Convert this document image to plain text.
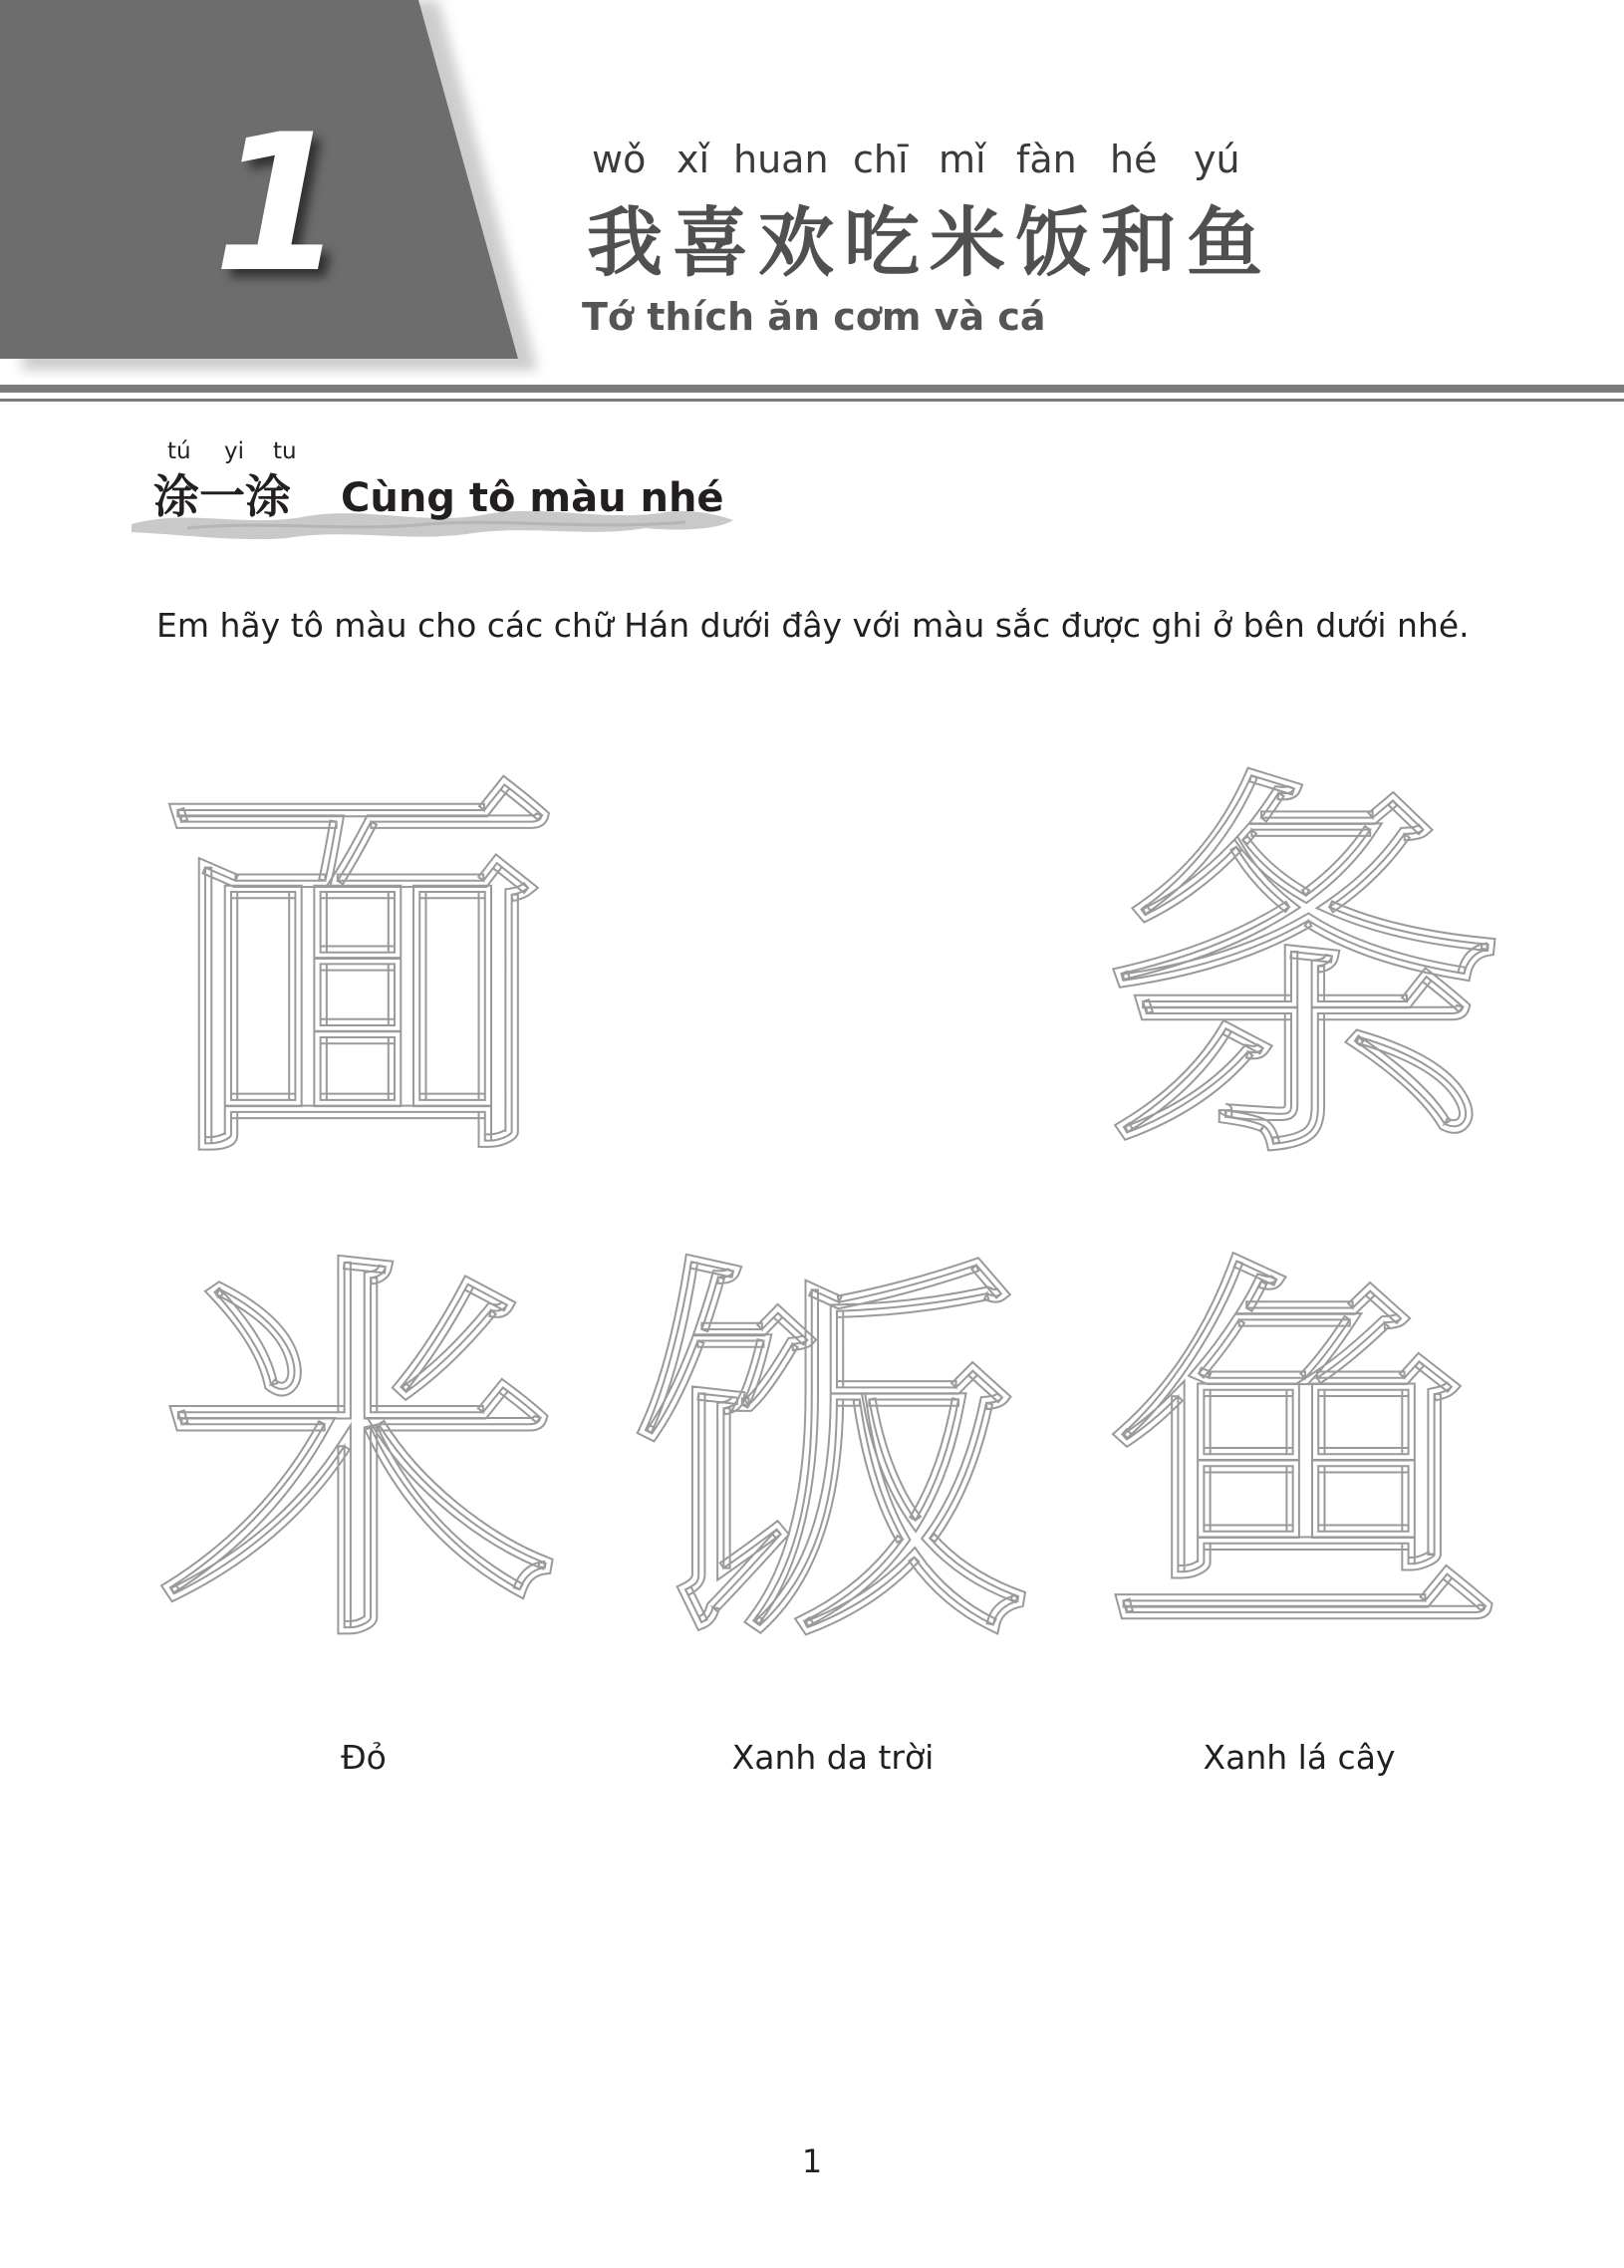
1	wǒ xǐ huan chī mǐ fàn hé yú
我 喜 欢 吃 米 饭 和 鱼
Tớ thích ăn cơm và cá
tú yi tu
涂一涂 Cùng tô màu nhé
Em hãy tô màu cho các chữ Hán dưới đây với màu sắc được ghi ở bên dưới nhé.
面 条
米 饭 鱼
Đỏ	Xanh da trời	Xanh lá cây
1
